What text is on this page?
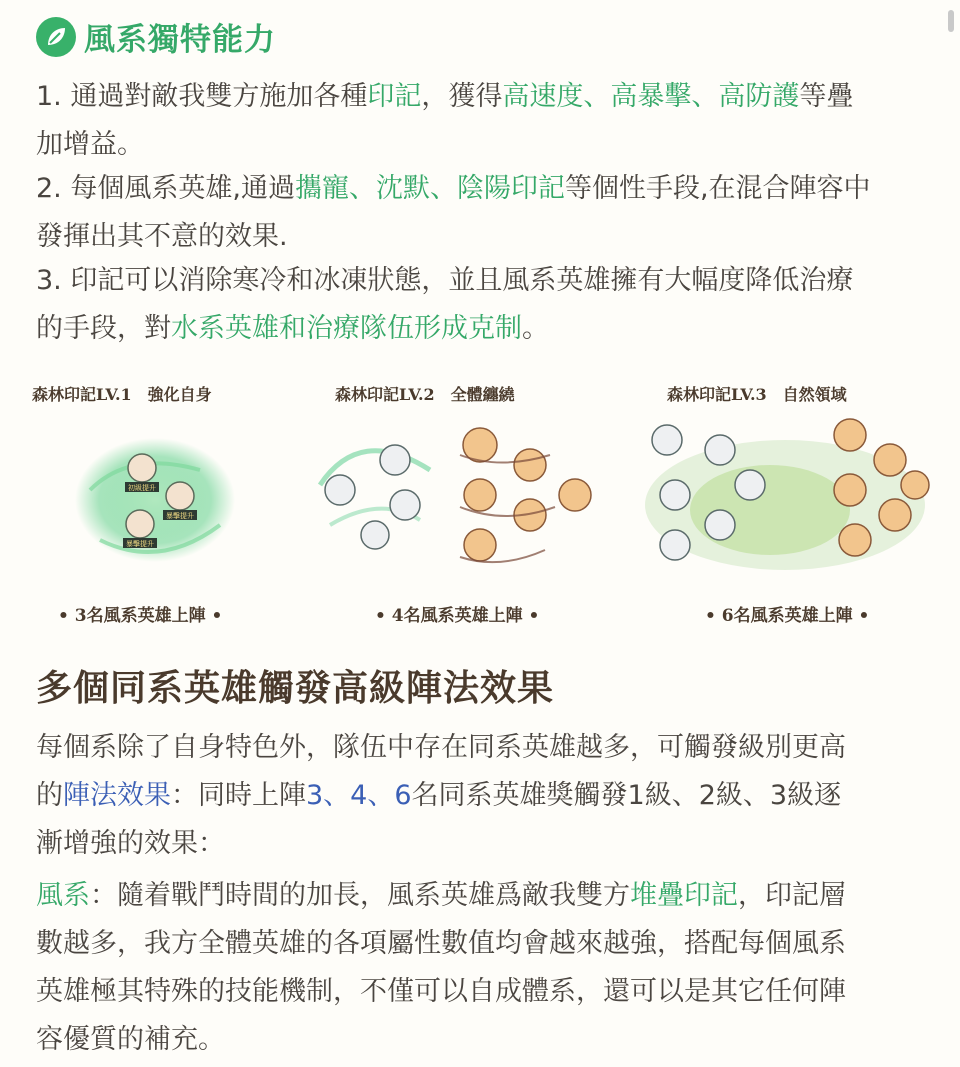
風系獨特能力
1. 通過對敵我雙方施加各種印記，獲得高速度、高暴擊、高防護等疊
加增益。
2. 每個風系英雄,通過攜寵、沈默、陰陽印記等個性手段,在混合陣容中
發揮出其不意的效果.
3. 印記可以消除寒冷和冰凍狀態，並且風系英雄擁有大幅度降低治療
的手段，對水系英雄和治療隊伍形成克制。
森林印記LV.1　強化自身
初級提升
暴擊提升
暴擊提升
• 3名風系英雄上陣 •
森林印記LV.2　全體纏繞
• 4名風系英雄上陣 •
森林印記LV.3　自然領域
• 6名風系英雄上陣 •
多個同系英雄觸發高級陣法效果
每個系除了自身特色外，隊伍中存在同系英雄越多，可觸發級別更高
的陣法效果：同時上陣3、4、6名同系英雄獎觸發1級、2級、3級逐
漸增強的效果：
風系：隨着戰鬥時間的加長，風系英雄爲敵我雙方堆疊印記，印記層
數越多，我方全體英雄的各項屬性數值均會越來越強，搭配每個風系
英雄極其特殊的技能機制，不僅可以自成體系，還可以是其它任何陣
容優質的補充。
